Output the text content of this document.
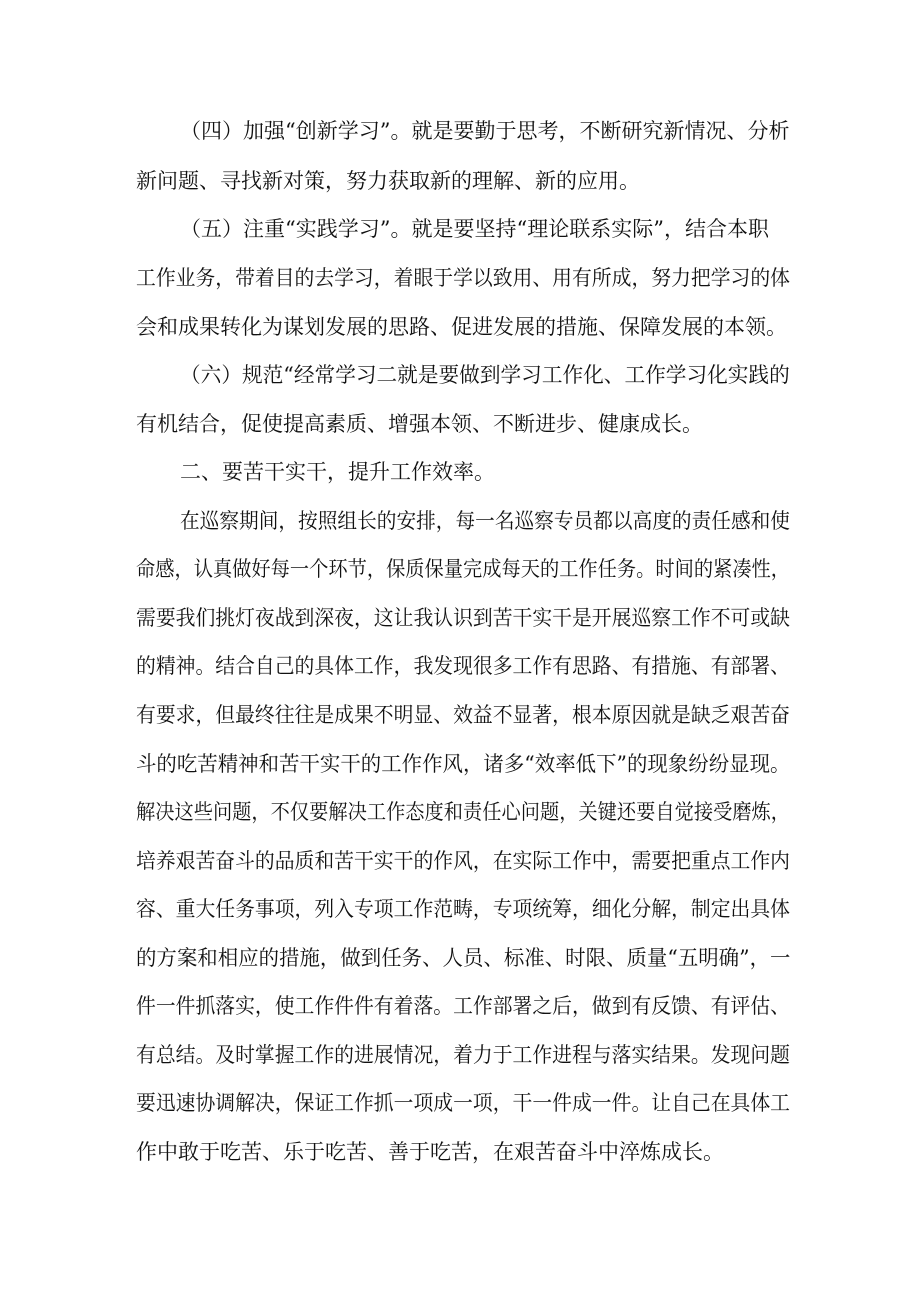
（四）加强“创新学习”。就是要勤于思考，不断研究新情况、分析
新问题、寻找新对策，努力获取新的理解、新的应用。
（五）注重“实践学习”。就是要坚持“理论联系实际”，结合本职
工作业务，带着目的去学习，着眼于学以致用、用有所成，努力把学习的体
会和成果转化为谋划发展的思路、促进发展的措施、保障发展的本领。
（六）规范“经常学习二就是要做到学习工作化、工作学习化实践的
有机结合，促使提高素质、增强本领、不断进步、健康成长。
二、要苦干实干，提升工作效率。
在巡察期间，按照组长的安排，每一名巡察专员都以高度的责任感和使
命感，认真做好每一个环节，保质保量完成每天的工作任务。时间的紧凑性，
需要我们挑灯夜战到深夜，这让我认识到苦干实干是开展巡察工作不可或缺
的精神。结合自己的具体工作，我发现很多工作有思路、有措施、有部署、
有要求，但最终往往是成果不明显、效益不显著，根本原因就是缺乏艰苦奋
斗的吃苦精神和苦干实干的工作作风，诸多“效率低下”的现象纷纷显现。
解决这些问题，不仅要解决工作态度和责任心问题，关键还要自觉接受磨炼，
培养艰苦奋斗的品质和苦干实干的作风，在实际工作中，需要把重点工作内
容、重大任务事项，列入专项工作范畴，专项统筹，细化分解，制定出具体
的方案和相应的措施，做到任务、人员、标准、时限、质量“五明确”，一
件一件抓落实，使工作件件有着落。工作部署之后，做到有反馈、有评估、
有总结。及时掌握工作的进展情况，着力于工作进程与落实结果。发现问题
要迅速协调解决，保证工作抓一项成一项，干一件成一件。让自己在具体工
作中敢于吃苦、乐于吃苦、善于吃苦，在艰苦奋斗中淬炼成长。
